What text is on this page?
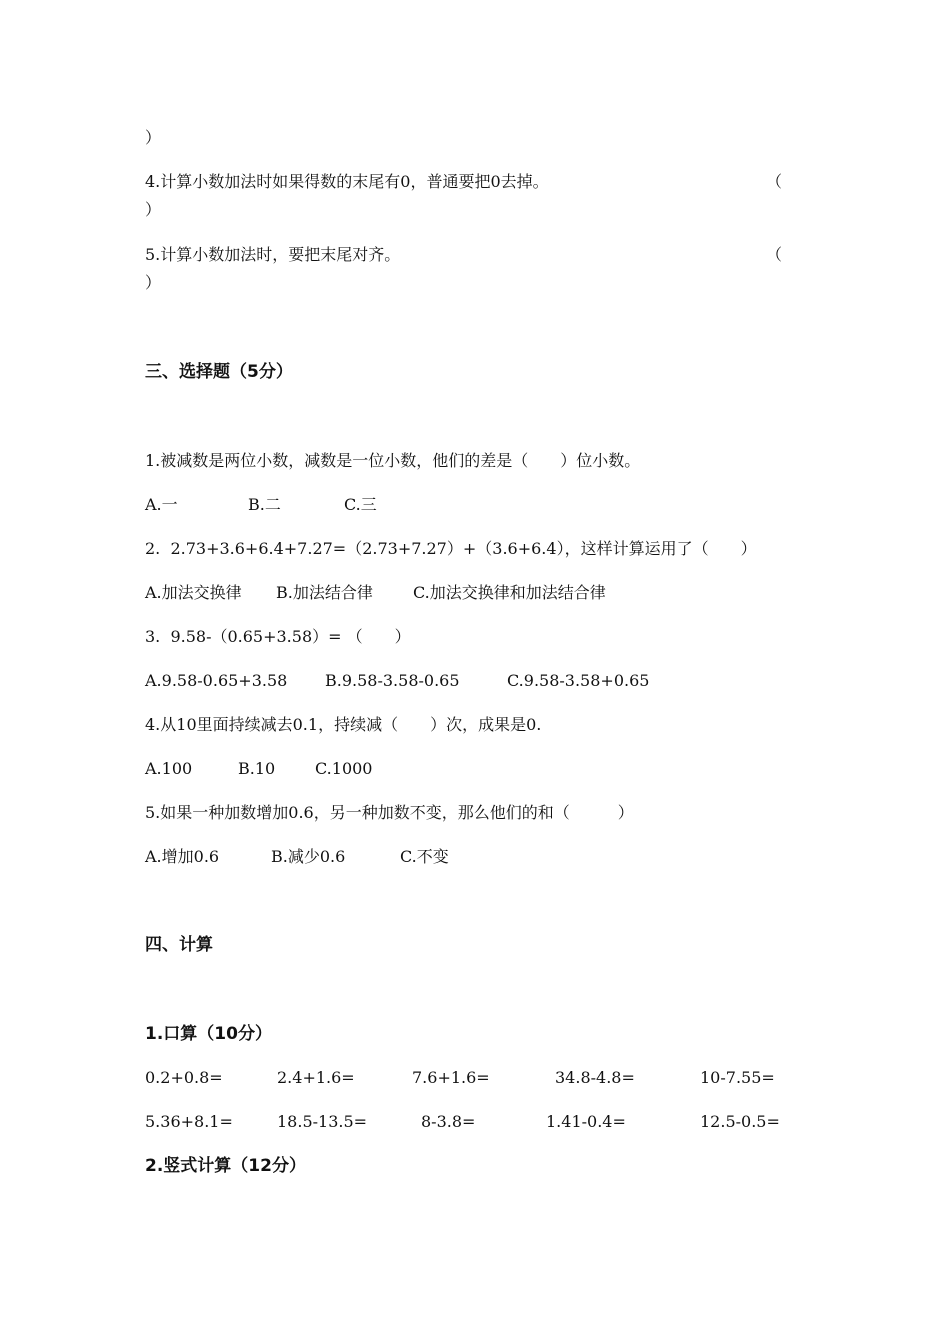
）
4.计算小数加法时如果得数的末尾有0，普通要把0去掉。	（
）
5.计算小数加法时，要把末尾对齐。	（
）
三、选择题（5分）
1.被减数是两位小数，减数是一位小数，他们的差是（　　）位小数。
A.一	B.二	C.三
2.  2.73+3.6+6.4+7.27=（2.73+7.27）+（3.6+6.4），这样计算运用了（　　）
A.加法交换律 B.加法结合律	C.加法交换律和加法结合律
3.  9.58-（0.65+3.58）= （　　）
A.9.58-0.65+3.58 B.9.58-3.58-0.65	C.9.58-3.58+0.65
4.从10里面持续减去0.1，持续减（　　）次，成果是0.
A.100	B.10 C.1000
5.如果一种加数增加0.6，另一种加数不变，那么他们的和（　　　）
A.增加0.6	B.减少0.6	C.不变
四、计算
1.口算（10分）
0.2+0.8=	2.4+1.6=	7.6+1.6=	34.8-4.8=	10-7.55=
5.36+8.1=	18.5-13.5=	8-3.8=	1.41-0.4=	12.5-0.5=
2.竖式计算（12分）
